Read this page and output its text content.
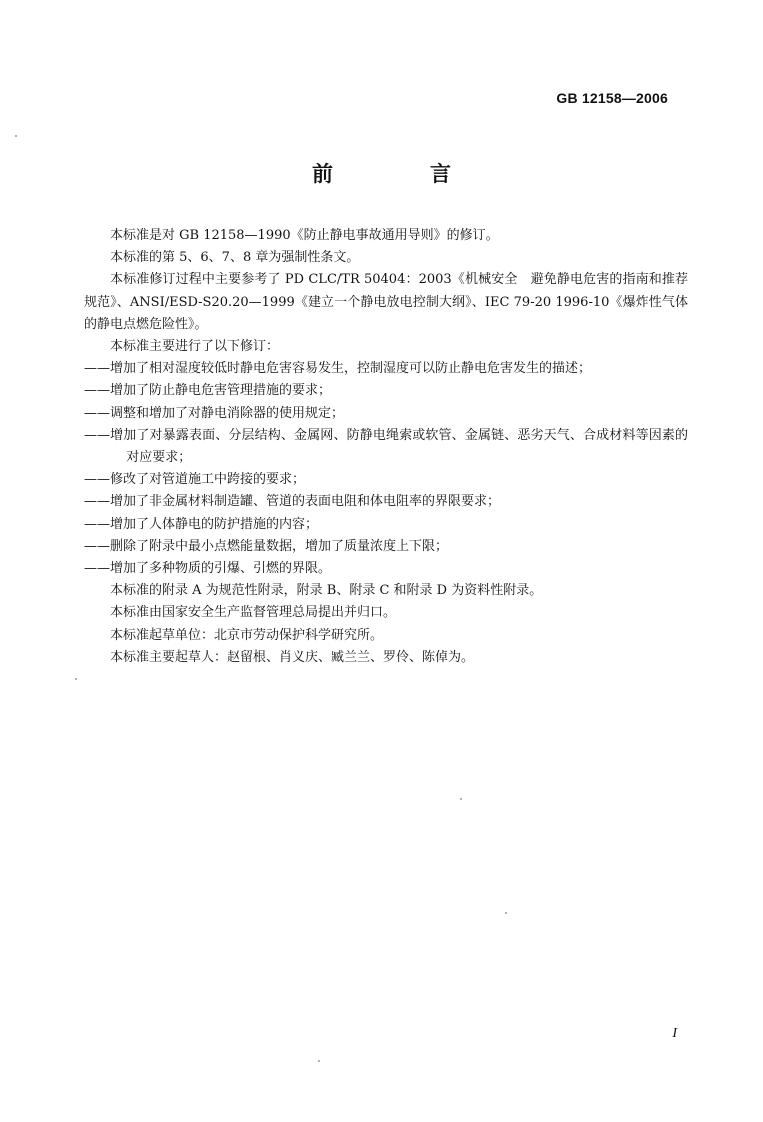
GB 12158—2006
前　言

本标准是对 GB 12158—1990《防止静电事故通用导则》的修订。

本标准的第 5、6、7、8 章为强制性条文。

本标准修订过程中主要参考了 PD CLC/TR 50404：2003《机械安全　避免静电危害的指南和推荐规范》、ANSI/ESD-S20.20—1999《建立一个静电放电控制大纲》、IEC 79-20 1996-10《爆炸性气体的静电点燃危险性》。

本标准主要进行了以下修订：

——增加了相对湿度较低时静电危害容易发生，控制湿度可以防止静电危害发生的描述；

——增加了防止静电危害管理措施的要求；

——调整和增加了对静电消除器的使用规定；

——增加了对暴露表面、分层结构、金属网、防静电绳索或软管、金属链、恶劣天气、合成材料等因素的对应要求；

——修改了对管道施工中跨接的要求；

——增加了非金属材料制造罐、管道的表面电阻和体电阻率的界限要求；

——增加了人体静电的防护措施的内容；

——删除了附录中最小点燃能量数据，增加了质量浓度上下限；

——增加了多种物质的引爆、引燃的界限。

本标准的附录 A 为规范性附录，附录 B、附录 C 和附录 D 为资料性附录。

本标准由国家安全生产监督管理总局提出并归口。

本标准起草单位：北京市劳动保护科学研究所。

本标准主要起草人：赵留根、肖义庆、臧兰兰、罗伶、陈倬为。

I
